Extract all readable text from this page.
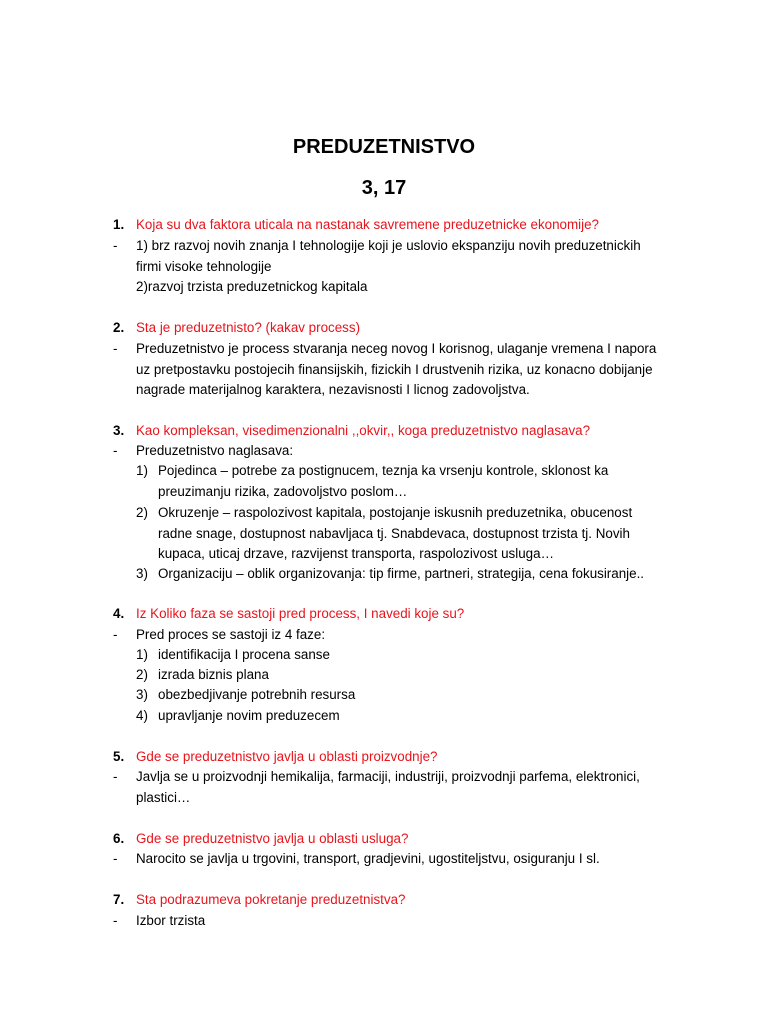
PREDUZETNISTVO
3, 17
1. Koja su dva faktora uticala na nastanak savremene preduzetnicke ekonomije?
- 1) brz razvoj novih znanja I tehnologije koji je uslovio ekspanziju novih preduzetnickih
firmi visoke tehnologije
2)razvoj trzista preduzetnickog kapitala
2. Sta je preduzetnisto? (kakav process)
- Preduzetnistvo je process stvaranja neceg novog I korisnog, ulaganje vremena I napora
uz pretpostavku postojecih finansijskih, fizickih I drustvenih rizika, uz konacno dobijanje
nagrade materijalnog karaktera, nezavisnosti I licnog zadovoljstva.
3. Kao kompleksan, visedimenzionalni ,,okvir,, koga preduzetnistvo naglasava?
- Preduzetnistvo naglasava:
1) Pojedinca – potrebe za postignucem, teznja ka vrsenju kontrole, sklonost ka
preuzimanju rizika, zadovoljstvo poslom…
2) Okruzenje – raspolozivost kapitala, postojanje iskusnih preduzetnika, obucenost
radne snage, dostupnost nabavljaca tj. Snabdevaca, dostupnost trzista tj. Novih
kupaca, uticaj drzave, razvijenst transporta, raspolozivost usluga…
3) Organizaciju – oblik organizovanja: tip firme, partneri, strategija, cena fokusiranje..
4. Iz Koliko faza se sastoji pred process, I navedi koje su?
- Pred proces se sastoji iz 4 faze:
1) identifikacija I procena sanse
2) izrada biznis plana
3) obezbedjivanje potrebnih resursa
4) upravljanje novim preduzecem
5. Gde se preduzetnistvo javlja u oblasti proizvodnje?
- Javlja se u proizvodnji hemikalija, farmaciji, industriji, proizvodnji parfema, elektronici,
plastici…
6. Gde se preduzetnistvo javlja u oblasti usluga?
- Narocito se javlja u trgovini, transport, gradjevini, ugostiteljstvu, osiguranju I sl.
7. Sta podrazumeva pokretanje preduzetnistva?
- Izbor trzista
